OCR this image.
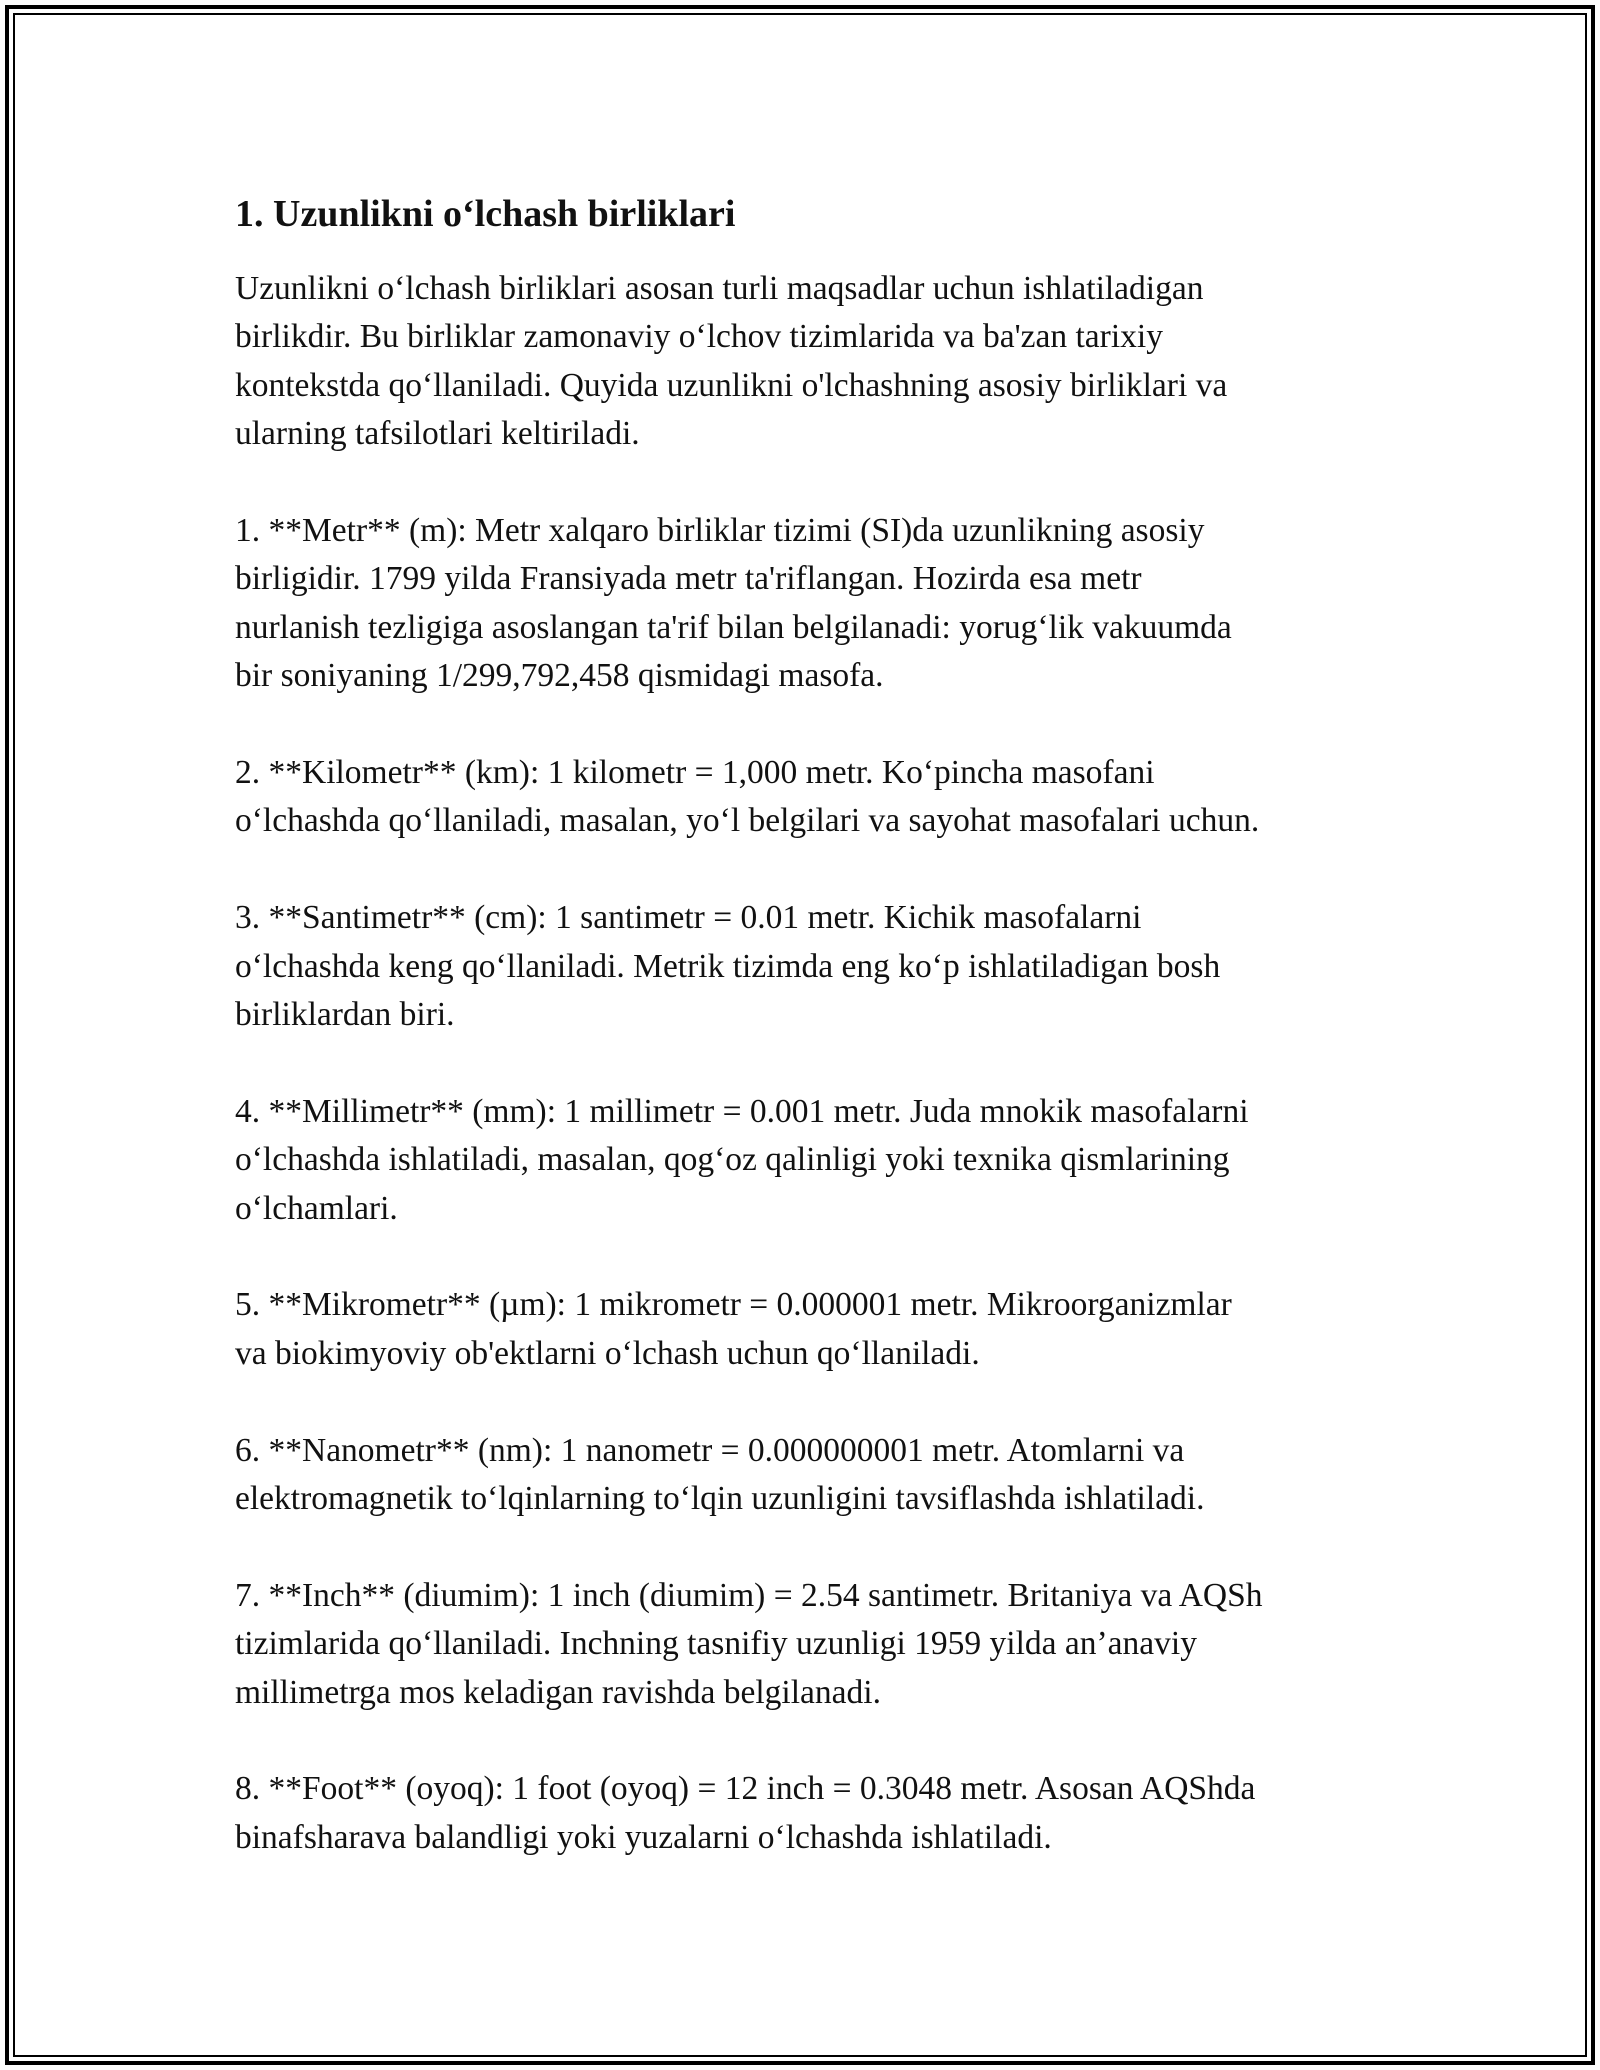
1. Uzunlikni o‘lchash birliklari

Uzunlikni o‘lchash birliklari asosan turli maqsadlar uchun ishlatiladigan
birlikdir. Bu birliklar zamonaviy o‘lchov tizimlarida va ba'zan tarixiy
kontekstda qo‘llaniladi. Quyida uzunlikni o'lchashning asosiy birliklari va
ularning tafsilotlari keltiriladi.

1. **Metr** (m): Metr xalqaro birliklar tizimi (SI)da uzunlikning asosiy
birligidir. 1799 yilda Fransiyada metr ta'riflangan. Hozirda esa metr
nurlanish tezligiga asoslangan ta'rif bilan belgilanadi: yorug‘lik vakuumda
bir soniyaning 1/299,792,458 qismidagi masofa.

2. **Kilometr** (km): 1 kilometr = 1,000 metr. Ko‘pincha masofani
o‘lchashda qo‘llaniladi, masalan, yo‘l belgilari va sayohat masofalari uchun.

3. **Santimetr** (cm): 1 santimetr = 0.01 metr. Kichik masofalarni
o‘lchashda keng qo‘llaniladi. Metrik tizimda eng ko‘p ishlatiladigan bosh
birliklardan biri.

4. **Millimetr** (mm): 1 millimetr = 0.001 metr. Juda mnokik masofalarni
o‘lchashda ishlatiladi, masalan, qog‘oz qalinligi yoki texnika qismlarining
o‘lchamlari.

5. **Mikrometr** (µm): 1 mikrometr = 0.000001 metr. Mikroorganizmlar
va biokimyoviy ob'ektlarni o‘lchash uchun qo‘llaniladi.

6. **Nanometr** (nm): 1 nanometr = 0.000000001 metr. Atomlarni va
elektromagnetik to‘lqinlarning to‘lqin uzunligini tavsiflashda ishlatiladi.

7. **Inch** (diumim): 1 inch (diumim) = 2.54 santimetr. Britaniya va AQSh
tizimlarida qo‘llaniladi. Inchning tasnifiy uzunligi 1959 yilda an’anaviy
millimetrga mos keladigan ravishda belgilanadi.

8. **Foot** (oyoq): 1 foot (oyoq) = 12 inch = 0.3048 metr. Asosan AQShda
binafsharava balandligi yoki yuzalarni o‘lchashda ishlatiladi.
